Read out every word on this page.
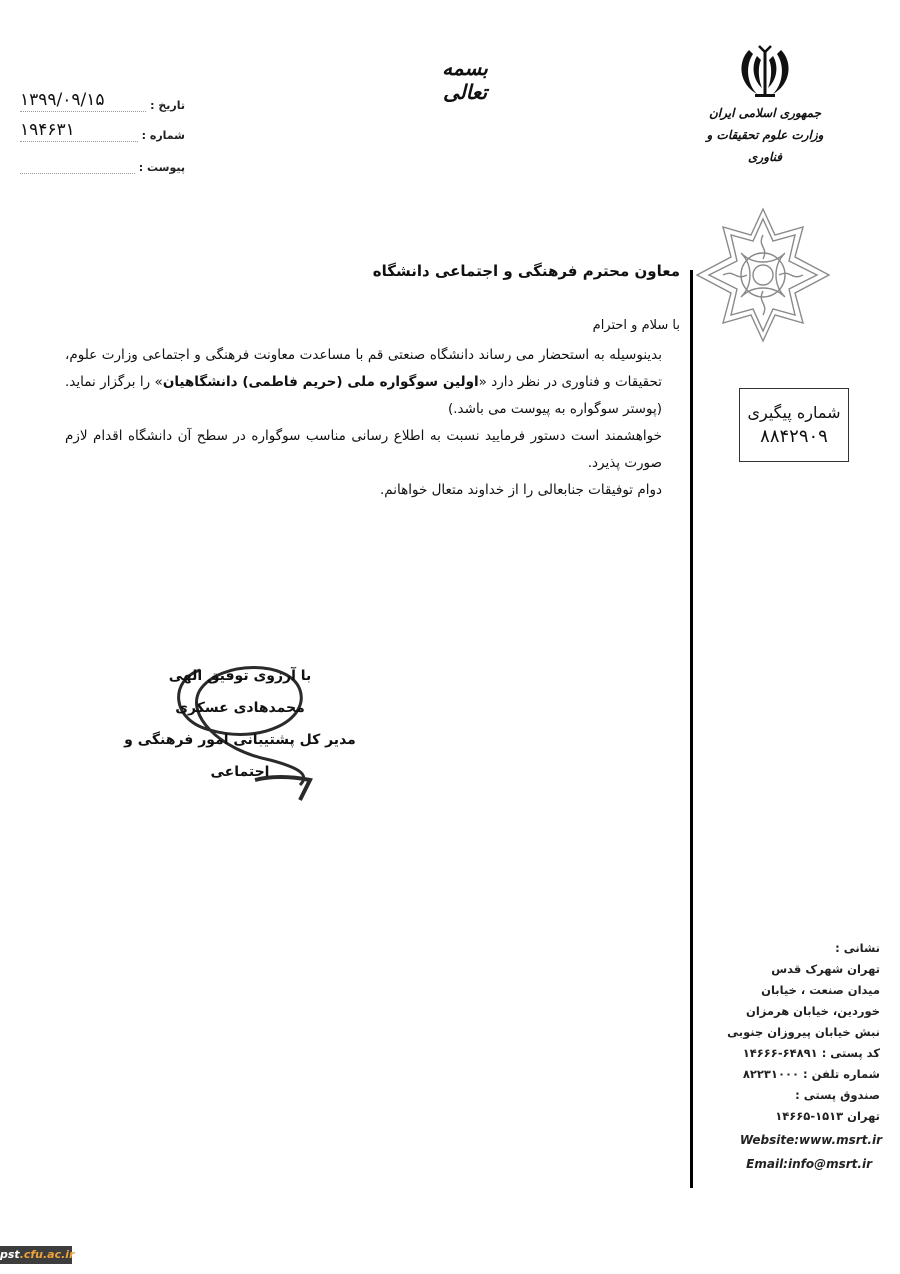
بسمه تعالی
تاریخ :
۱۳۹۹/۰۹/۱۵
شماره :
۱۹۴۶۳۱
پیوست :
جمهوری اسلامی ایران
وزارت علوم تحقیقات و فناوری
معاون محترم فرهنگی و اجتماعی دانشگاه
با سلام و احترام

بدینوسیله به استحضار می رساند دانشگاه صنعتی قم با مساعدت معاونت فرهنگی و اجتماعی وزارت علوم، تحقیقات و فناوری در نظر دارد «اولین سوگواره ملی (حریم فاطمی) دانشگاهیان» را برگزار نماید. (پوستر سوگواره به پیوست می باشد.)

خواهشمند است دستور فرمایید نسبت به اطلاع رسانی مناسب سوگواره در سطح آن دانشگاه اقدام لازم صورت پذیرد.

دوام توفیقات جنابعالی را از خداوند متعال خواهانم.

شماره پیگیری
۸۸۴۲۹۰۹
با آرزوی توفیق الهی
محمدهادی عسکری
مدیر کل پشتیبانی امور فرهنگی و اجتماعی
نشانی :
تهران شهرک قدس
میدان صنعت ، خیابان
خوردین، خیابان هرمزان
نبش خیابان پیروزان جنوبی
کد پستی : ۶۴۸۹۱-۱۴۶۶۶
شماره تلفن : ۸۲۲۳۱۰۰۰
صندوق پستی :
تهران ۱۵۱۳-۱۴۶۶۵
Website:www.msrt.ir
Email:info@msrt.ir
pst.cfu.ac.ir
